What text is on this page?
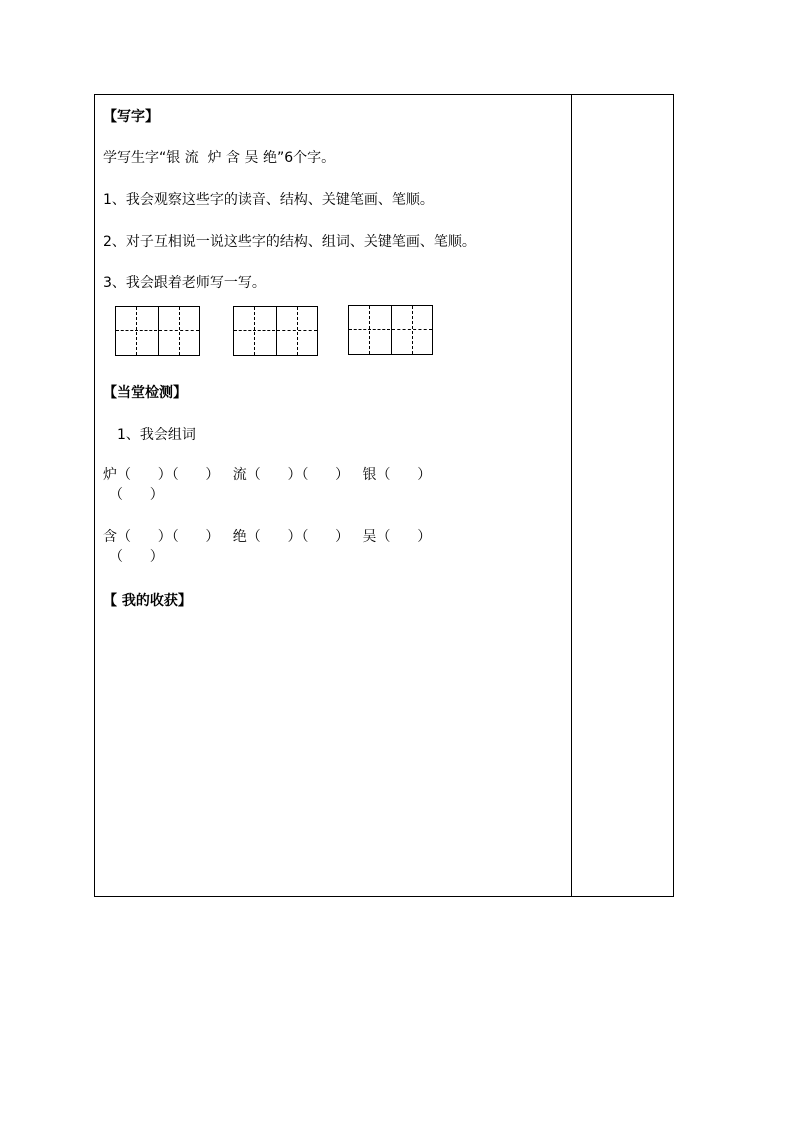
【写字】
学写生字“银 流  炉 含 吴 绝”6个字。
1、我会观察这些字的读音、结构、关键笔画、笔顺。
2、对子互相说一说这些字的结构、组词、关键笔画、笔顺。
3、我会跟着老师写一写。
【当堂检测】
1、我会组词
炉（      ）（      ）   流（      ）（      ）   银（      ）
（      ）
含（      ）（      ）   绝（      ）（      ）   吴（      ）
（      ）
【 我的收获】
